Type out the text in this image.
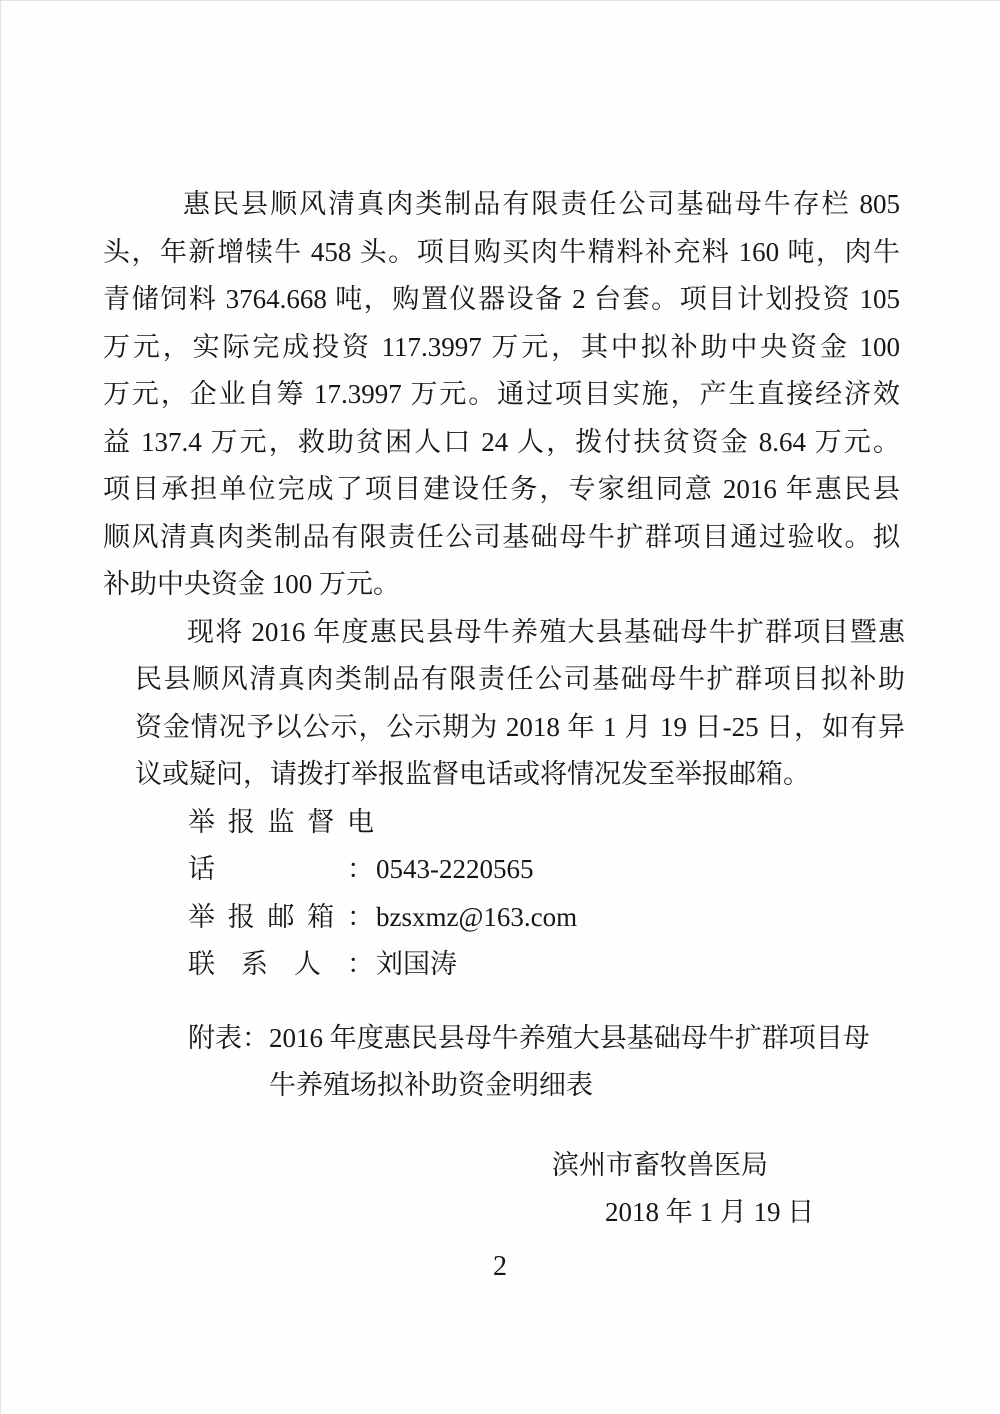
惠民县顺风清真肉类制品有限责任公司基础母牛存栏 805
头，年新增犊牛 458 头。项目购买肉牛精料补充料 160 吨，肉牛
青储饲料 3764.668 吨，购置仪器设备 2 台套。项目计划投资 105
万元，实际完成投资 117.3997 万元，其中拟补助中央资金 100
万元，企业自筹 17.3997 万元。通过项目实施，产生直接经济效
益 137.4 万元，救助贫困人口 24 人，拨付扶贫资金 8.64 万元。
项目承担单位完成了项目建设任务，专家组同意 2016 年惠民县
顺风清真肉类制品有限责任公司基础母牛扩群项目通过验收。拟
补助中央资金 100 万元。
现将 2016 年度惠民县母牛养殖大县基础母牛扩群项目暨惠
民县顺风清真肉类制品有限责任公司基础母牛扩群项目拟补助
资金情况予以公示，公示期为 2018 年 1 月 19 日-25 日，如有异
议或疑问，请拨打举报监督电话或将情况发至举报邮箱。
举报监督电话：0543-2220565
举报邮箱：bzsxmz@163.com
联系人：刘国涛
附表：2016 年度惠民县母牛养殖大县基础母牛扩群项目母
牛养殖场拟补助资金明细表
滨州市畜牧兽医局
2018 年 1 月 19 日
2
